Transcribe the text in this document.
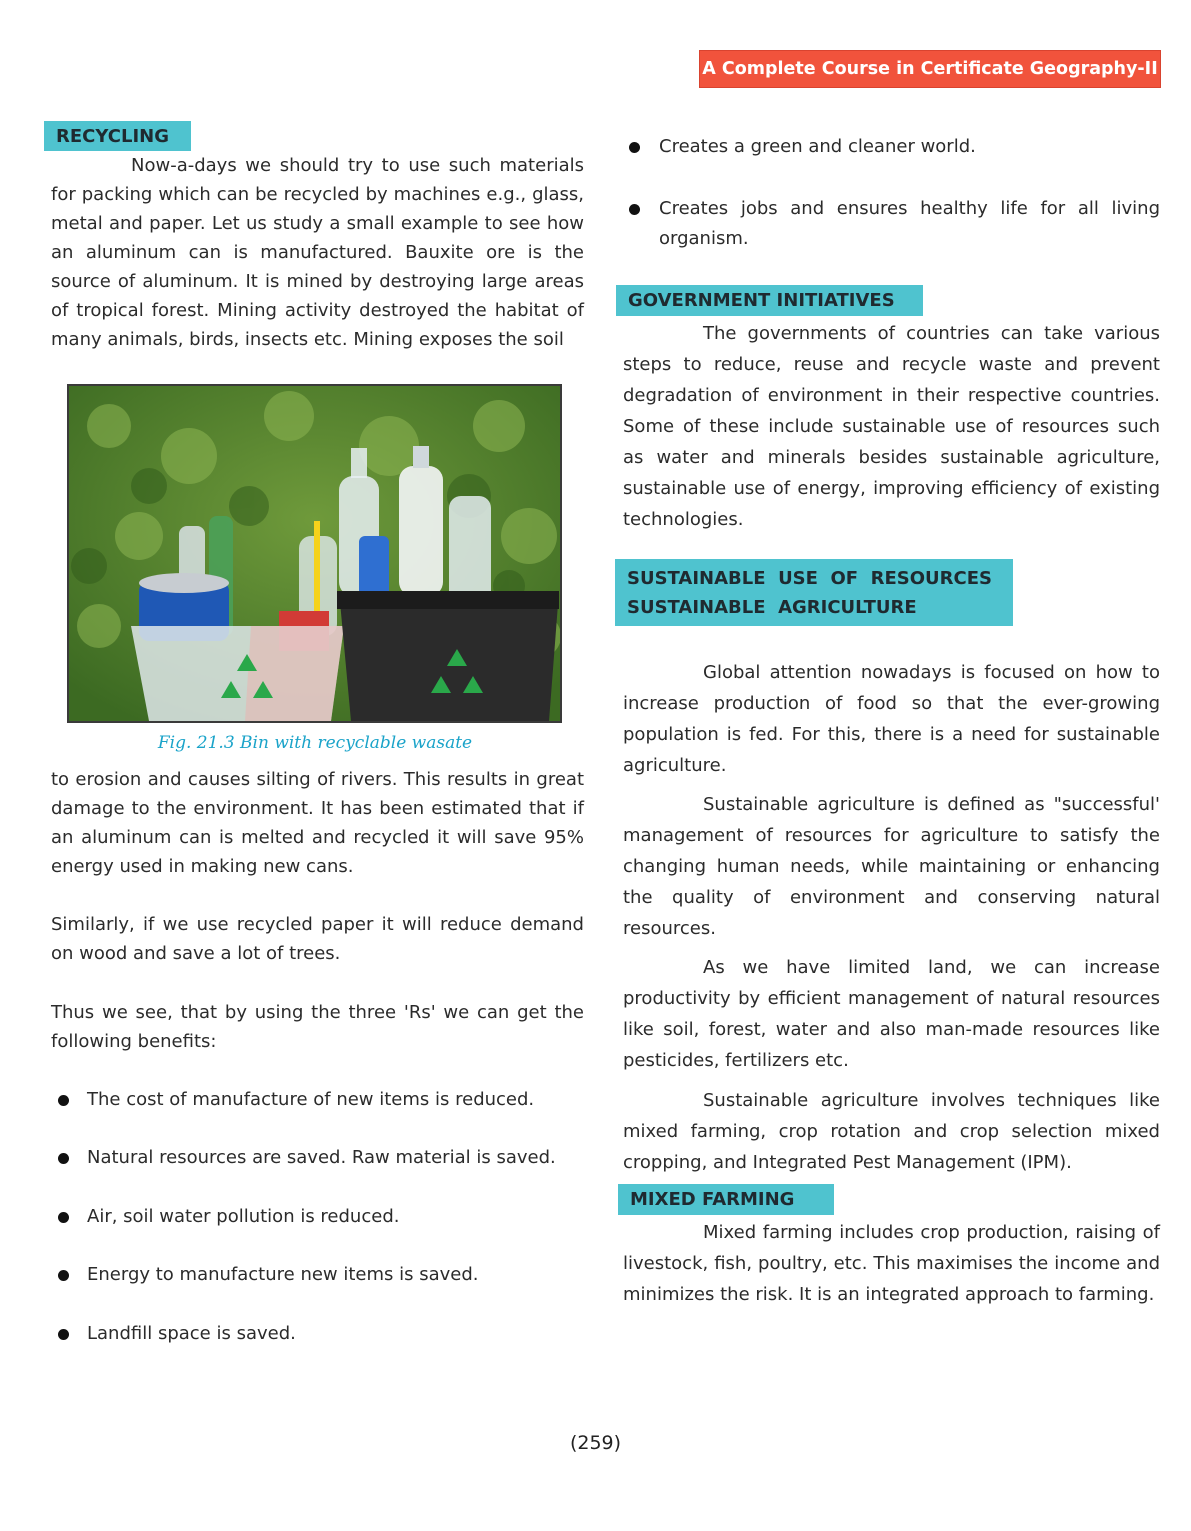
A Complete Course in Certificate Geography-II
RECYCLING

Now-a-days we should try to use such materials for packing which can be recycled by machines e.g., glass, metal and paper. Let us study a small example to see how an aluminum can is manufactured. Bauxite ore is the source of aluminum. It is mined by destroying large areas of tropical forest. Mining activity destroyed the habitat of many animals, birds, insects etc. Mining exposes the soil

Fig. 21.3 Bin with recyclable wasate

to erosion and causes silting of rivers. This results in great damage to the environment. It has been estimated that if an aluminum can is melted and recycled it will save 95% energy used in making new cans.

Similarly, if we use recycled paper it will reduce demand on wood and save a lot of trees.

Thus we see, that by using the three 'Rs' we can get the following benefits:

The cost of manufacture of new items is reduced.
Natural resources are saved. Raw material is saved.
Air, soil water pollution is reduced.
Energy to manufacture new items is saved.
Landfill space is saved.
Creates a green and cleaner world.
Creates jobs and ensures healthy life for all living organism.
GOVERNMENT INITIATIVES

The governments of countries can take various steps to reduce, reuse and recycle waste and prevent degradation of environment in their respective countries. Some of these include sustainable use of resources such as water and minerals besides sustainable agriculture, sustainable use of energy, improving efficiency of existing technologies.

SUSTAINABLE  USE  OF  RESOURCES
SUSTAINABLE  AGRICULTURE

Global attention nowadays is focused on how to increase production of food so that the ever-growing population is fed. For this, there is a need for sustainable agriculture.

Sustainable agriculture is defined as "successful' management of resources for agriculture to satisfy the changing human needs, while maintaining or enhancing the quality of environment and conserving natural resources.

As we have limited land, we can increase productivity by efficient management of natural resources like soil, forest, water and also man-made resources like pesticides, fertilizers etc.

Sustainable agriculture involves techniques like mixed farming, crop rotation and crop selection mixed cropping, and Integrated Pest Management (IPM).

MIXED FARMING

Mixed farming includes crop production, raising of livestock, fish, poultry, etc. This maximises the income and minimizes the risk. It is an integrated approach to farming.

(259)
